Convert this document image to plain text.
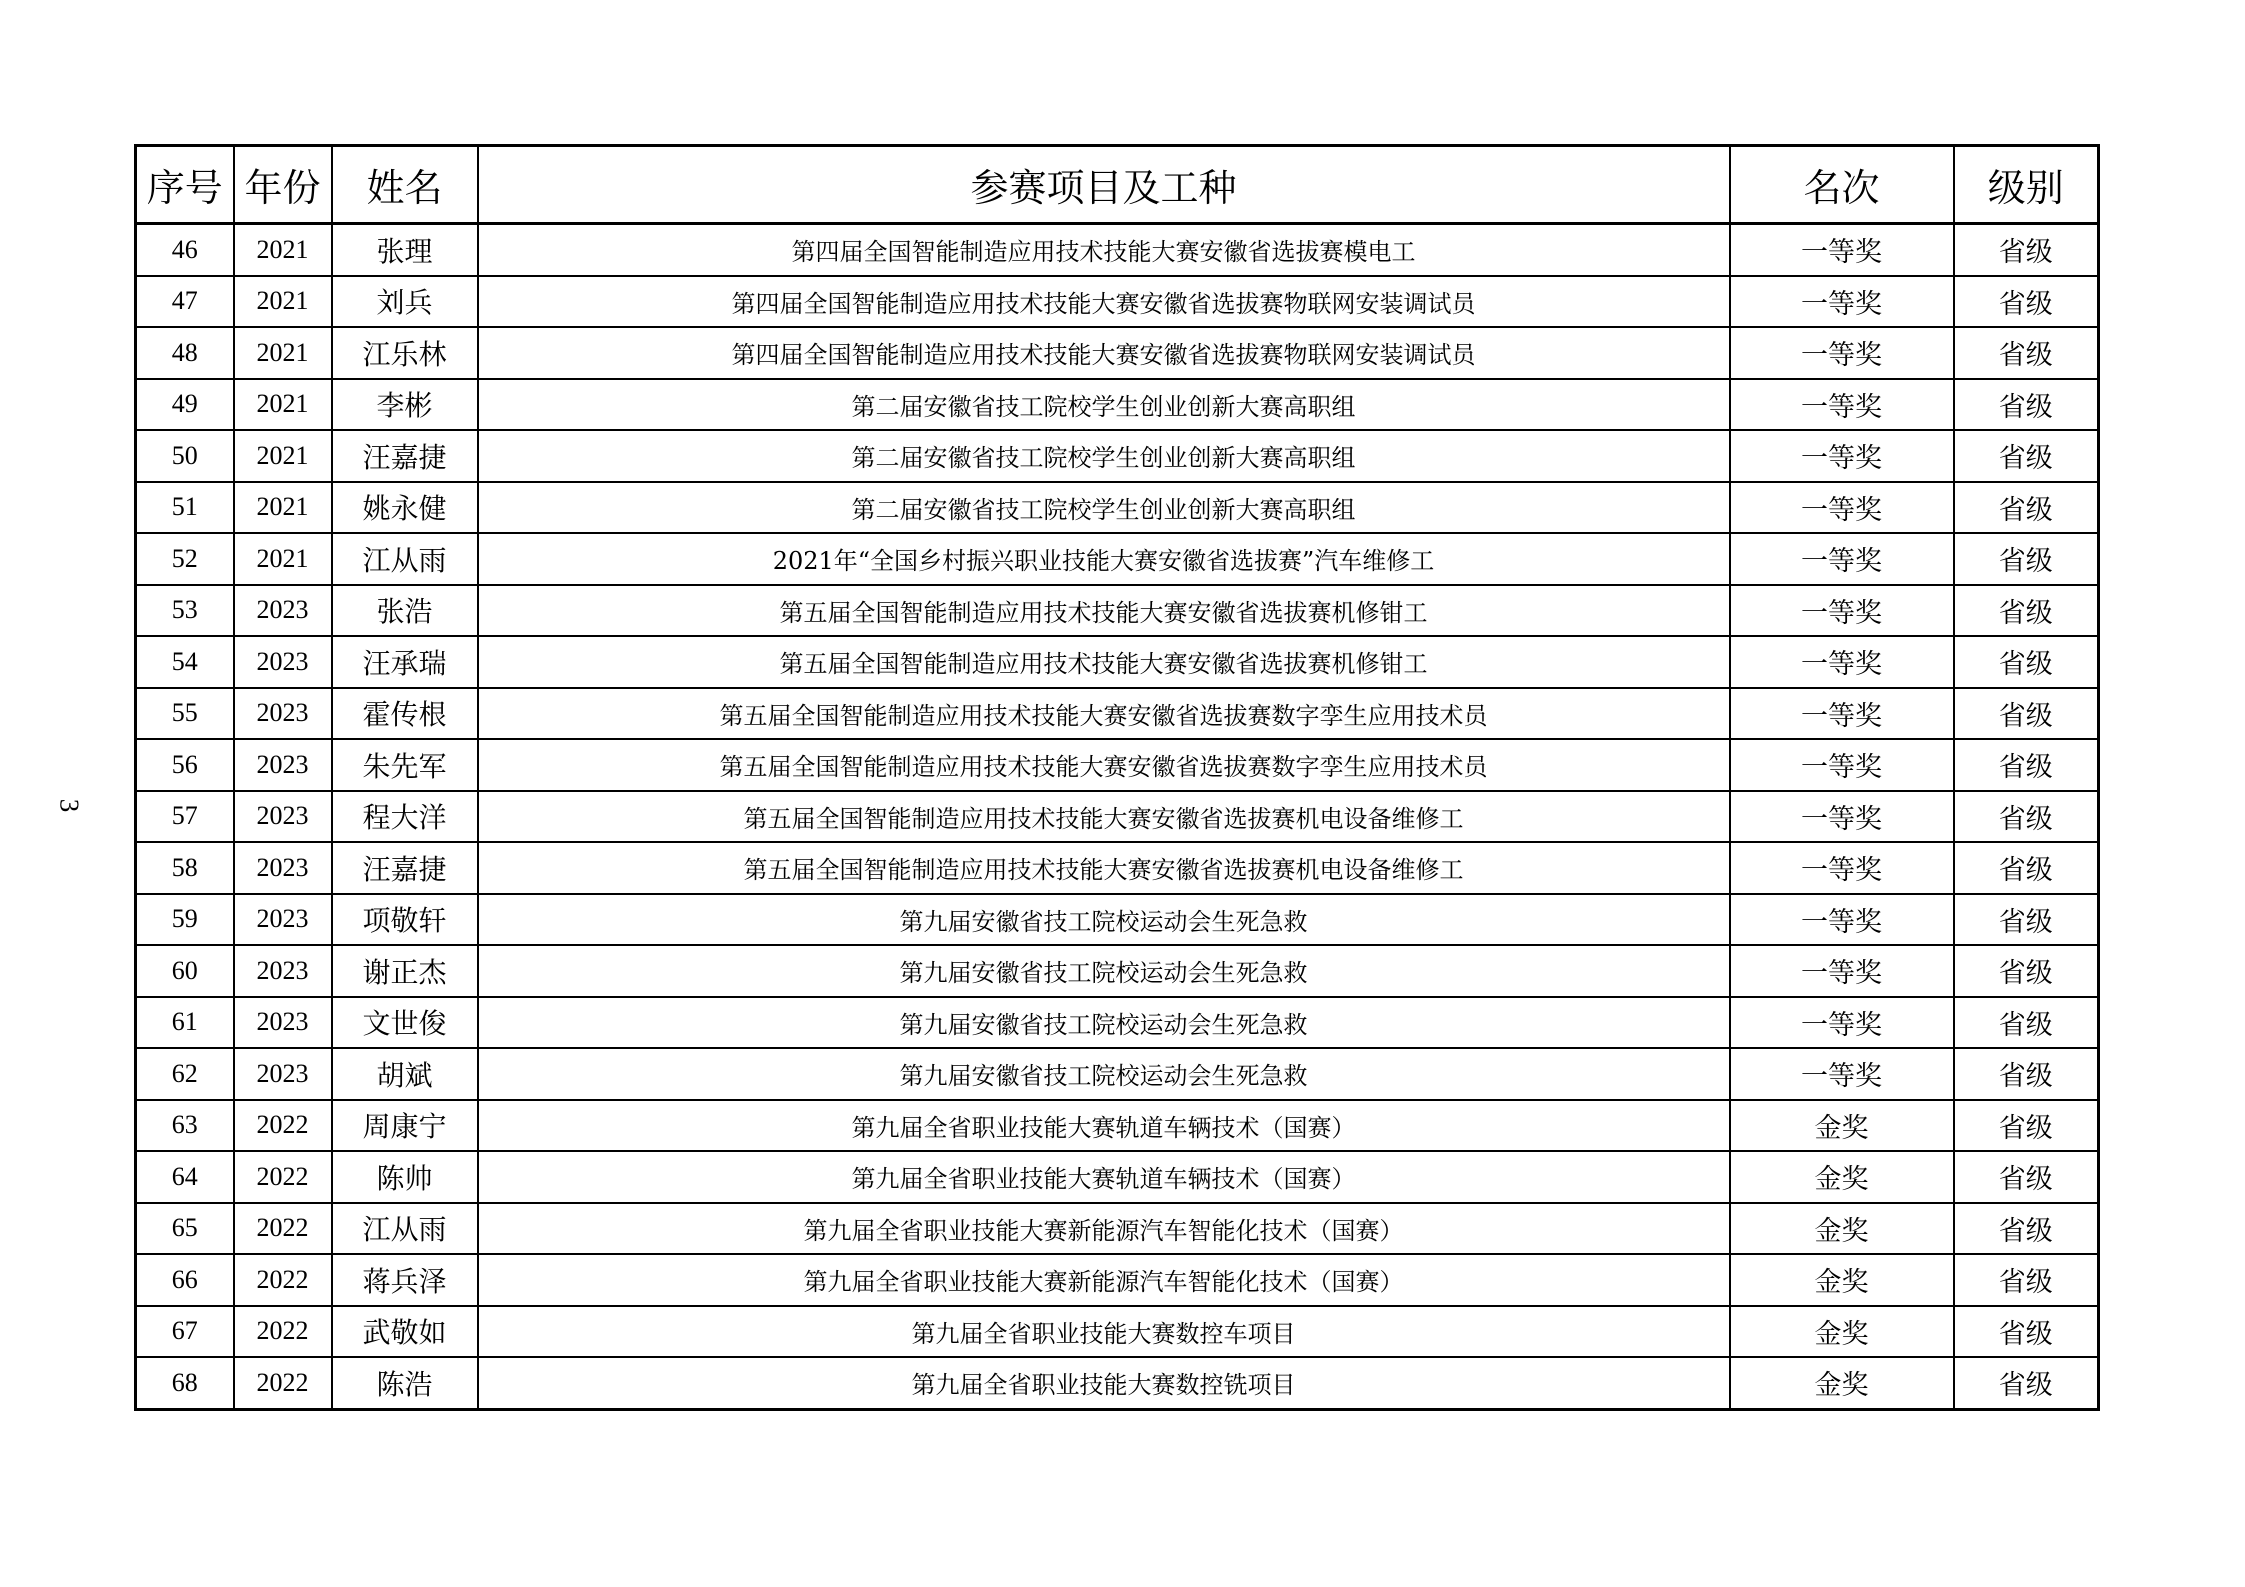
3
序号	年份	姓名	参赛项目及工种	名次	级别
46	2021	张理	第四届全国智能制造应用技术技能大赛安徽省选拔赛模电工	一等奖	省级
47	2021	刘兵	第四届全国智能制造应用技术技能大赛安徽省选拔赛物联网安装调试员	一等奖	省级
48	2021	江乐林	第四届全国智能制造应用技术技能大赛安徽省选拔赛物联网安装调试员	一等奖	省级
49	2021	李彬	第二届安徽省技工院校学生创业创新大赛高职组	一等奖	省级
50	2021	汪嘉捷	第二届安徽省技工院校学生创业创新大赛高职组	一等奖	省级
51	2021	姚永健	第二届安徽省技工院校学生创业创新大赛高职组	一等奖	省级
52	2021	江从雨	2021年“全国乡村振兴职业技能大赛安徽省选拔赛”汽车维修工	一等奖	省级
53	2023	张浩	第五届全国智能制造应用技术技能大赛安徽省选拔赛机修钳工	一等奖	省级
54	2023	汪承瑞	第五届全国智能制造应用技术技能大赛安徽省选拔赛机修钳工	一等奖	省级
55	2023	霍传根	第五届全国智能制造应用技术技能大赛安徽省选拔赛数字孪生应用技术员	一等奖	省级
56	2023	朱先军	第五届全国智能制造应用技术技能大赛安徽省选拔赛数字孪生应用技术员	一等奖	省级
57	2023	程大洋	第五届全国智能制造应用技术技能大赛安徽省选拔赛机电设备维修工	一等奖	省级
58	2023	汪嘉捷	第五届全国智能制造应用技术技能大赛安徽省选拔赛机电设备维修工	一等奖	省级
59	2023	项敬轩	第九届安徽省技工院校运动会生死急救	一等奖	省级
60	2023	谢正杰	第九届安徽省技工院校运动会生死急救	一等奖	省级
61	2023	文世俊	第九届安徽省技工院校运动会生死急救	一等奖	省级
62	2023	胡斌	第九届安徽省技工院校运动会生死急救	一等奖	省级
63	2022	周康宁	第九届全省职业技能大赛轨道车辆技术（国赛）	金奖	省级
64	2022	陈帅	第九届全省职业技能大赛轨道车辆技术（国赛）	金奖	省级
65	2022	江从雨	第九届全省职业技能大赛新能源汽车智能化技术（国赛）	金奖	省级
66	2022	蒋兵泽	第九届全省职业技能大赛新能源汽车智能化技术（国赛）	金奖	省级
67	2022	武敬如	第九届全省职业技能大赛数控车项目	金奖	省级
68	2022	陈浩	第九届全省职业技能大赛数控铣项目	金奖	省级
